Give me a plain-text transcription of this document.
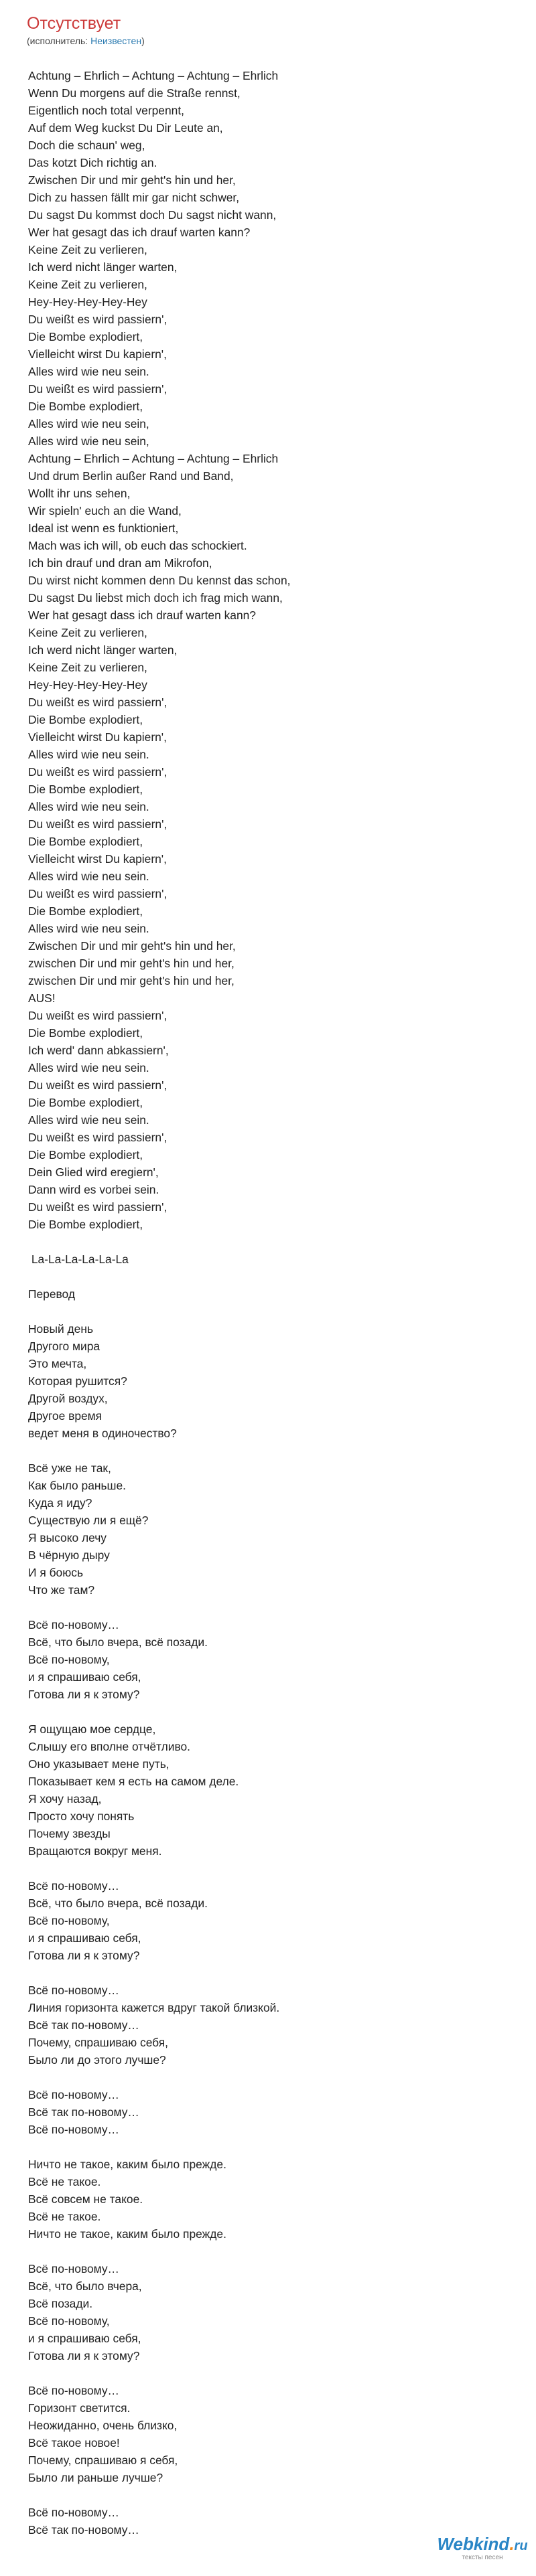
Отсутствует
(исполнитель: Неизвестен)
Achtung – Ehrlich – Achtung – Achtung – Ehrlich
Wenn Du morgens auf die Straße rennst,
Eigentlich noch total verpennt,
Auf dem Weg kuckst Du Dir Leute an,
Doch die schaun' weg,
Das kotzt Dich richtig an.
Zwischen Dir und mir geht's hin und her,
Dich zu hassen fällt mir gar nicht schwer,
Du sagst Du kommst doch Du sagst nicht wann,
Wer hat gesagt das ich drauf warten kann?
Keine Zeit zu verlieren,
Ich werd nicht länger warten,
Keine Zeit zu verlieren,
Hey-Hey-Hey-Hey-Hey
Du weißt es wird passiern',
Die Bombe explodiert,
Vielleicht wirst Du kapiern',
Alles wird wie neu sein.
Du weißt es wird passiern',
Die Bombe explodiert,
Alles wird wie neu sein,
Alles wird wie neu sein,
Achtung – Ehrlich – Achtung – Achtung – Ehrlich
Und drum Berlin außer Rand und Band,
Wollt ihr uns sehen,
Wir spieln' euch an die Wand,
Ideal ist wenn es funktioniert,
Mach was ich will, ob euch das schockiert.
Ich bin drauf und dran am Mikrofon,
Du wirst nicht kommen denn Du kennst das schon,
Du sagst Du liebst mich doch ich frag mich wann,
Wer hat gesagt dass ich drauf warten kann?
Keine Zeit zu verlieren,
Ich werd nicht länger warten,
Keine Zeit zu verlieren,
Hey-Hey-Hey-Hey-Hey
Du weißt es wird passiern',
Die Bombe explodiert,
Vielleicht wirst Du kapiern',
Alles wird wie neu sein.
Du weißt es wird passiern',
Die Bombe explodiert,
Alles wird wie neu sein.
Du weißt es wird passiern',
Die Bombe explodiert,
Vielleicht wirst Du kapiern',
Alles wird wie neu sein.
Du weißt es wird passiern',
Die Bombe explodiert,
Alles wird wie neu sein.
Zwischen Dir und mir geht's hin und her,
zwischen Dir und mir geht's hin und her,
zwischen Dir und mir geht's hin und her,
AUS!
Du weißt es wird passiern',
Die Bombe explodiert,
Ich werd' dann abkassiern',
Alles wird wie neu sein.
Du weißt es wird passiern',
Die Bombe explodiert,
Alles wird wie neu sein.
Du weißt es wird passiern',
Die Bombe explodiert,
Dein Glied wird eregiern',
Dann wird es vorbei sein.
Du weißt es wird passiern',
Die Bombe explodiert,
La-La-La-La-La-La
Перевод
Новый день
Другого мира
Это мечта,
Которая рушится?
Другой воздух,
Другое время
ведет меня в одиночество?
Всё уже не так,
Как было раньше.
Куда я иду?
Существую ли я ещё?
Я высоко лечу
В чёрную дыру
И я боюсь
Что же там?
Всё по-новому…
Всё, что было вчера, всё позади.
Всё по-новому,
и я спрашиваю себя,
Готова ли я к этому?
Я ощущаю мое сердце,
Слышу его вполне отчётливо.
Оно указывает мене путь,
Показывает кем я есть на самом деле.
Я хочу назад,
Просто хочу понять
Почему звезды
Вращаются вокруг меня.
Всё по-новому…
Всё, что было вчера, всё позади.
Всё по-новому,
и я спрашиваю себя,
Готова ли я к этому?
Всё по-новому…
Линия горизонта кажется вдруг такой близкой.
Всё так по-новому…
Почему, спрашиваю себя,
Было ли до этого лучше?
Всё по-новому…
Всё так по-новому…
Всё по-новому…
Ничто не такое, каким было прежде.
Всё не такое.
Всё совсем не такое.
Всё не такое.
Ничто не такое, каким было прежде.
Всё по-новому…
Всё, что было вчера,
Всё позади.
Всё по-новому,
и я спрашиваю себя,
Готова ли я к этому?
Всё по-новому…
Горизонт светится.
Неожиданно, очень близко,
Всё такое новое!
Почему, спрашиваю я себя,
Было ли раньше лучше?
Всё по-новому…
Всё так по-новому…
Webkind.ru
тексты песен
